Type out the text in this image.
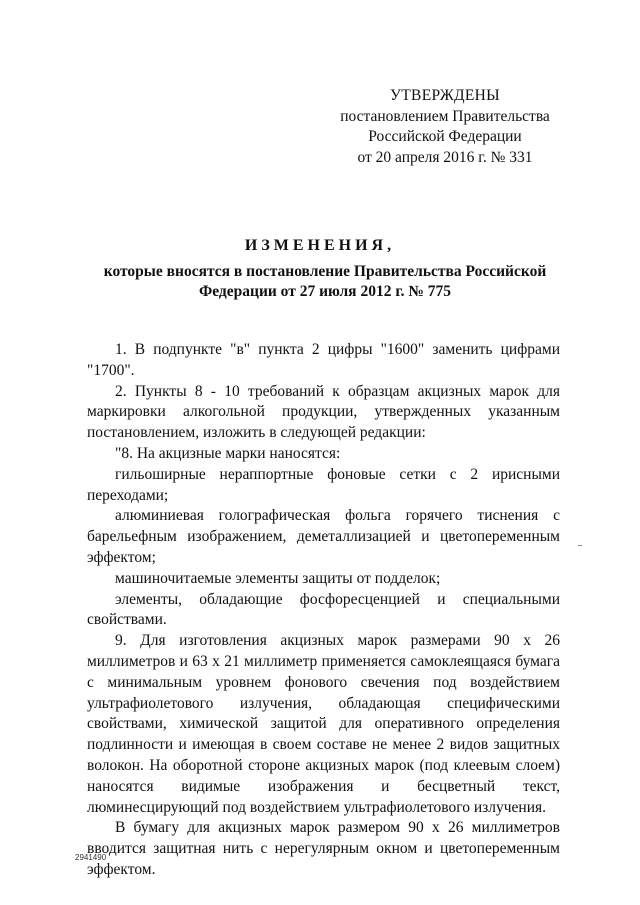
УТВЕРЖДЕНЫ
постановлением Правительства
Российской Федерации
от 20 апреля 2016 г. № 331
ИЗМЕНЕНИЯ,
которые вносятся в постановление Правительства Российской Федерации от 27 июля 2012 г. № 775

1. В подпункте "в" пункта 2 цифры "1600" заменить цифрами "1700".

2. Пункты 8 - 10 требований к образцам акцизных марок для маркировки алкогольной продукции, утвержденных указанным постановлением, изложить в следующей редакции:

"8. На акцизные марки наносятся:

гильоширные нераппортные фоновые сетки с 2 ирисными переходами;

алюминиевая голографическая фольга горячего тиснения с барельефным изображением, деметаллизацией и цветопеременным эффектом;

машиночитаемые элементы защиты от подделок;

элементы, обладающие фосфоресценцией и специальными свойствами.

9. Для изготовления акцизных марок размерами 90 x 26 миллиметров и 63 x 21 миллиметр применяется самоклеящаяся бумага с минимальным уровнем фонового свечения под воздействием ультрафиолетового излучения, обладающая специфическими свойствами, химической защитой для оперативного определения подлинности и имеющая в своем составе не менее 2 видов защитных волокон. На оборотной стороне акцизных марок (под клеевым слоем) наносятся видимые изображения и бесцветный текст, люминесцирующий под воздействием ультрафиолетового излучения.

В бумагу для акцизных марок размером 90 x 26 миллиметров вводится защитная нить с нерегулярным окном и цветопеременным эффектом.

2941490
